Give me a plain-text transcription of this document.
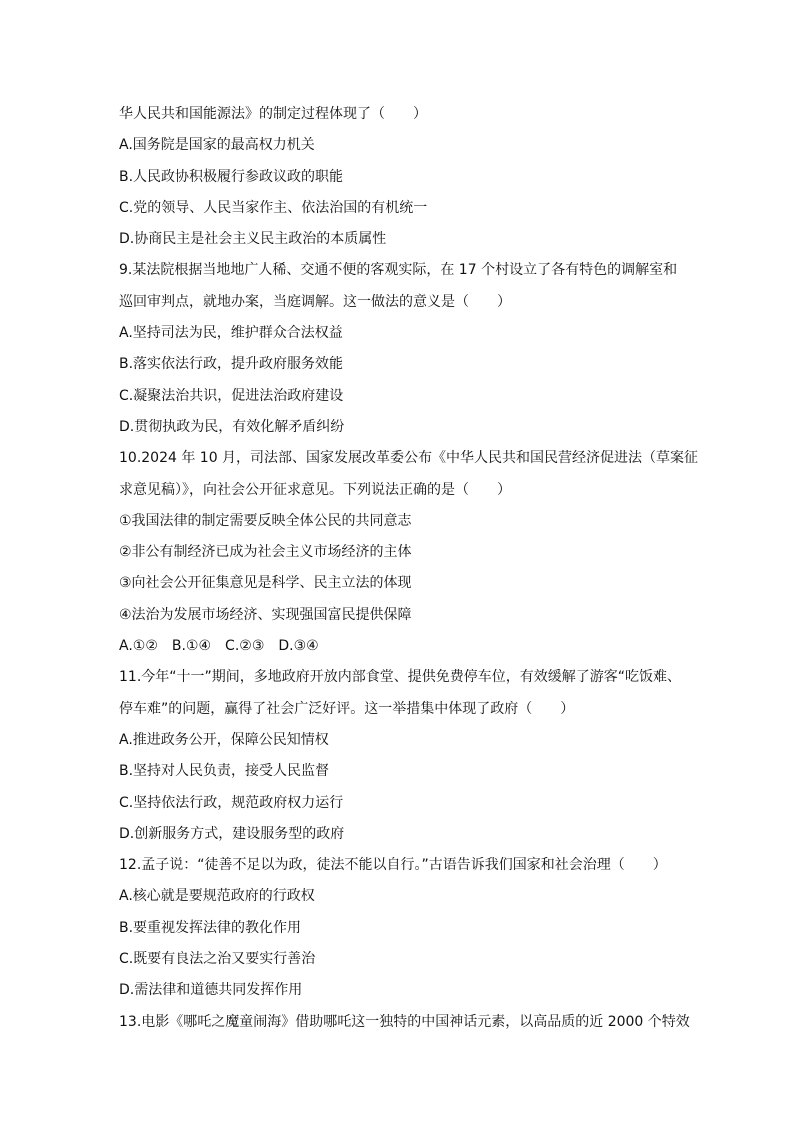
华人民共和国能源法》的制定过程体现了（　　）
A.国务院是国家的最高权力机关
B.人民政协积极履行参政议政的职能
C.党的领导、人民当家作主、依法治国的有机统一
D.协商民主是社会主义民主政治的本质属性
9.某法院根据当地地广人稀、交通不便的客观实际，在 17 个村设立了各有特色的调解室和
巡回审判点，就地办案，当庭调解。这一做法的意义是（　　）
A.坚持司法为民，维护群众合法权益
B.落实依法行政，提升政府服务效能
C.凝聚法治共识，促进法治政府建设
D.贯彻执政为民，有效化解矛盾纠纷
10.2024 年 10 月，司法部、国家发展改革委公布《中华人民共和国民营经济促进法（草案征
求意见稿）》，向社会公开征求意见。下列说法正确的是（　　）
①我国法律的制定需要反映全体公民的共同意志
②非公有制经济已成为社会主义市场经济的主体
③向社会公开征集意见是科学、民主立法的体现
④法治为发展市场经济、实现强国富民提供保障
A.①②　B.①④　C.②③　D.③④
11.今年“十一”期间，多地政府开放内部食堂、提供免费停车位，有效缓解了游客“吃饭难、
停车难”的问题，赢得了社会广泛好评。这一举措集中体现了政府（　　）
A.推进政务公开，保障公民知情权
B.坚持对人民负责，接受人民监督
C.坚持依法行政，规范政府权力运行
D.创新服务方式，建设服务型的政府
12.孟子说：“徒善不足以为政，徒法不能以自行。”古语告诉我们国家和社会治理（　　）
A.核心就是要规范政府的行政权
B.要重视发挥法律的教化作用
C.既要有良法之治又要实行善治
D.需法律和道德共同发挥作用
13.电影《哪吒之魔童闹海》借助哪吒这一独特的中国神话元素，以高品质的近 2000 个特效
